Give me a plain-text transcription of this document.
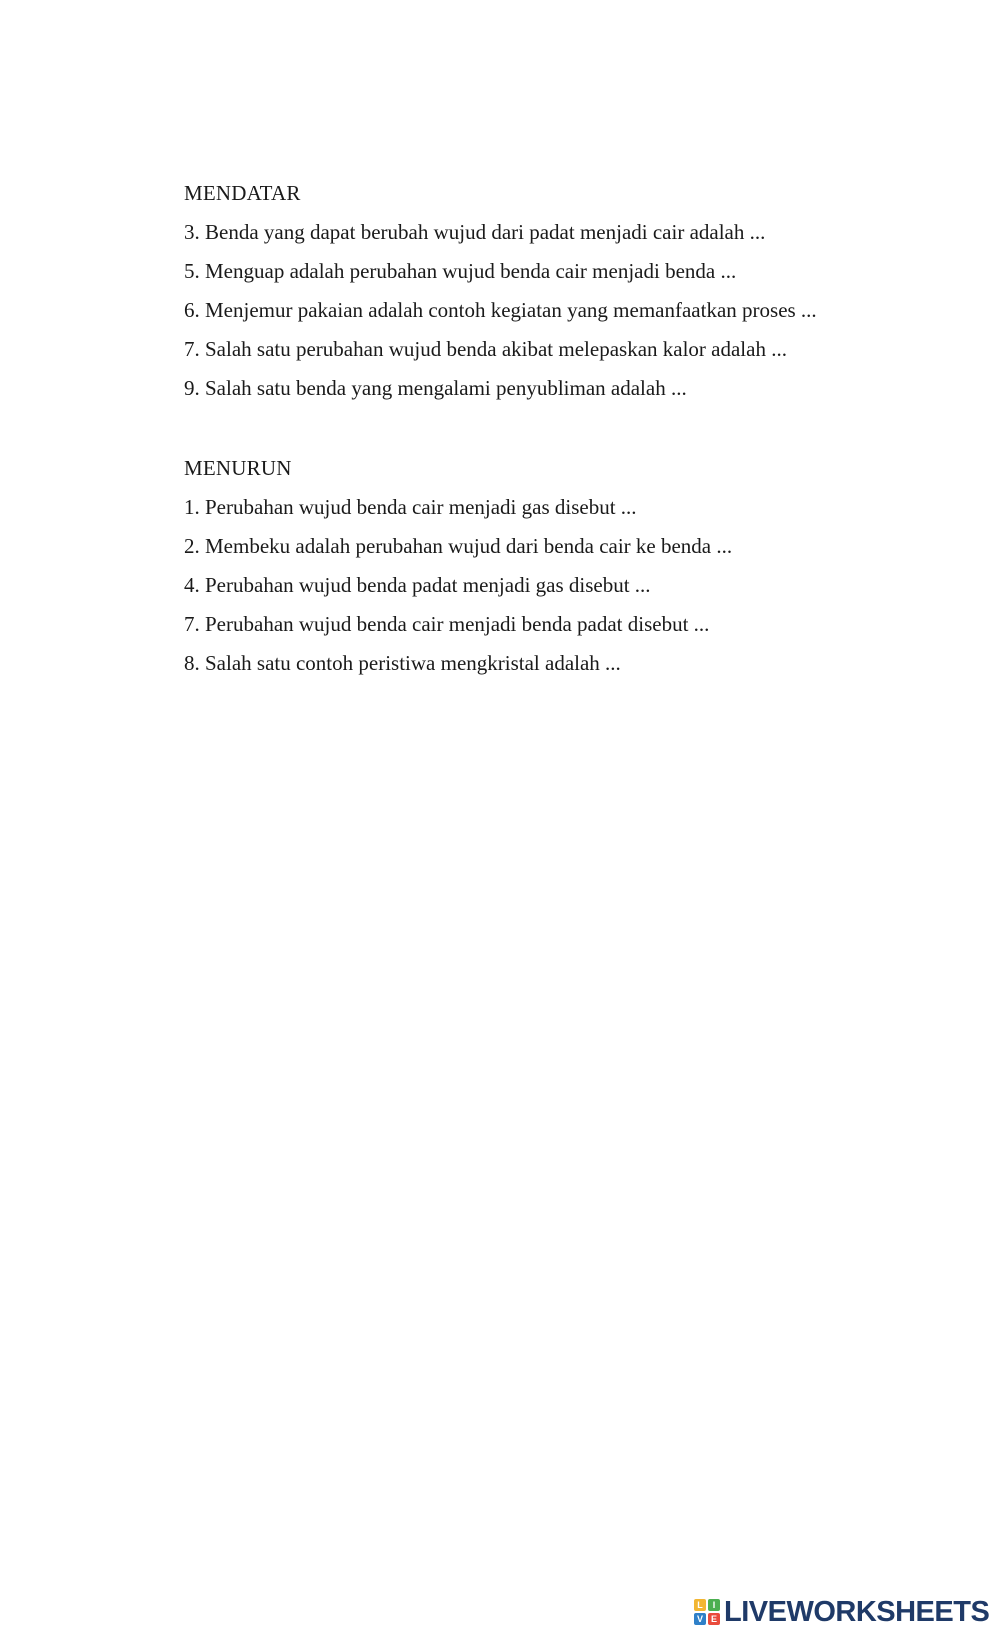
MENDATAR
3 . Benda yang dapat berubah wujud dari padat menjadi cair adalah ...
5 . Menguap adalah perubahan wujud benda cair menjadi benda ...
6 . Menjemur pakaian adalah contoh kegiatan yang memanfaatkan proses ...
7 . Salah satu perubahan wujud benda akibat melepaskan kalor adalah ...
9 . Salah satu benda yang mengalami penyubliman adalah ...
MENURUN
1 . Perubahan wujud benda cair menjadi gas disebut ...
2 . Membeku adalah perubahan wujud dari benda cair ke benda ...
4 . Perubahan wujud benda padat menjadi gas disebut ...
7 . Perubahan wujud benda cair menjadi benda padat disebut ...
8 . Salah satu contoh peristiwa mengkristal adalah ...
L	I
V E LIVEWORKSHEETS
